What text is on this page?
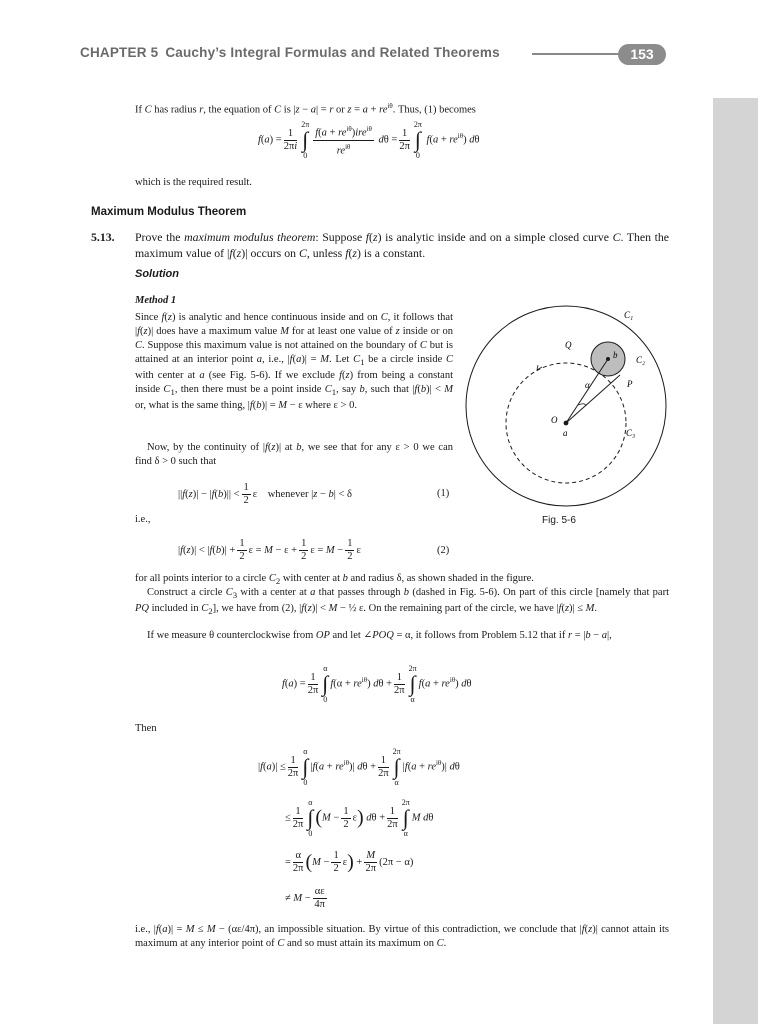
CHAPTER 5 Cauchy’s Integral Formulas and Related Theorems	153
If C has radius r, the equation of C is |z − a| = r or $z = a + re^{i\theta}$. Thus, (1) becomes
$f(a) = \frac{1}{2\pi i}$
2π
∫
$0 \frac{f(a + re^{i\theta})ire^{i\theta}}{re^{i\theta}}$ $d\theta = \frac{1}{2\pi}$
2π
∫
0 $f(a + re^{i\theta})$ dθ
which is the required result.
Maximum Modulus Theorem
5.13.	Prove the maximum modulus theorem: Suppose f(z) is analytic inside and on a simple closed curve C. Then the maximum value of |f(z)| occurs on C, unless f(z) is a constant.
Solution
Method 1
Since f(z) is analytic and hence continuous inside and on C, it follows that |f(z)| does have a maximum value M for at least one value of z inside or on C. Suppose this maximum value is not attained on the boundary of C but is attained at an interior point a, i.e., |f(a)| = M. Let $C_1$ be a circle inside C with center at a (see Fig. 5-6). If we exclude f(z) from being a constant inside $C_1$, then there must be a point inside $C_1$, say b, such that |f(b)| < M or, what is the same thing, |f(b)| = M − ε where ε > 0.
Now, by the continuity of |f(z)| at b, we see that for any ε > 0 we can find δ > 0 such that
C₁
Q
b C₂
P
α
O
a	C₃
Fig. 5-6
$||f(z)| - |f(b)|| < \frac{1}{2}$ ε    whenever |z − b| < δ	(1)
i.e.,
$|f(z)| < |f(b)| + \frac{1}{2}$ $\varepsilon = M - \varepsilon + \frac{1}{2}$ $\varepsilon = M - \frac{1}{2}$ ε	(2)
for all points interior to a circle $C_2$ with center at b and radius δ, as shown shaded in the figure.
Construct a circle $C_3$ with a center at a that passes through b (dashed in Fig. 5-6). On part of this circle [namely that part PQ included in $C_2$], we have from (2), |f(z)| < M − ½ ε. On the remaining part of the circle, we have |f(z)| ≤ M.
If we measure θ counterclockwise from OP and let ∠POQ = α, it follows from Problem 5.12 that if r = |b − a|,
$f(a) = \frac{1}{2\pi}$
α
∫
$0f(\alpha + re^{i\theta})$ $d\theta + \frac{1}{2\pi}$
2π
∫
$\alpha f(a + re^{i\theta})$ dθ
Then
$|f(a)| \le \frac{1}{2\pi}$
α
∫
$0|f(a + re^{i\theta})|$ $d\theta + \frac{1}{2\pi}$
2π
∫
$\alpha|f(a + re^{i\theta})|$ dθ
≤ $\frac{1}{2\pi}$
α
∫
$0(M - \frac{1}{2} \varepsilon)$ $d\theta + \frac{1}{2\pi}$
2π
∫
αM dθ
= $\frac{\alpha}{2\pi} (M - \frac{1}{2} \varepsilon) + \frac{M}{2\pi} (2\pi - \alpha)$
≠ $M - \frac{\alpha\varepsilon}{4\pi}$
i.e., |f(a)| = M ≤ M − (αε/4π), an impossible situation. By virtue of this contradiction, we conclude that |f(z)| cannot attain its maximum at any interior point of C and so must attain its maximum on C.
